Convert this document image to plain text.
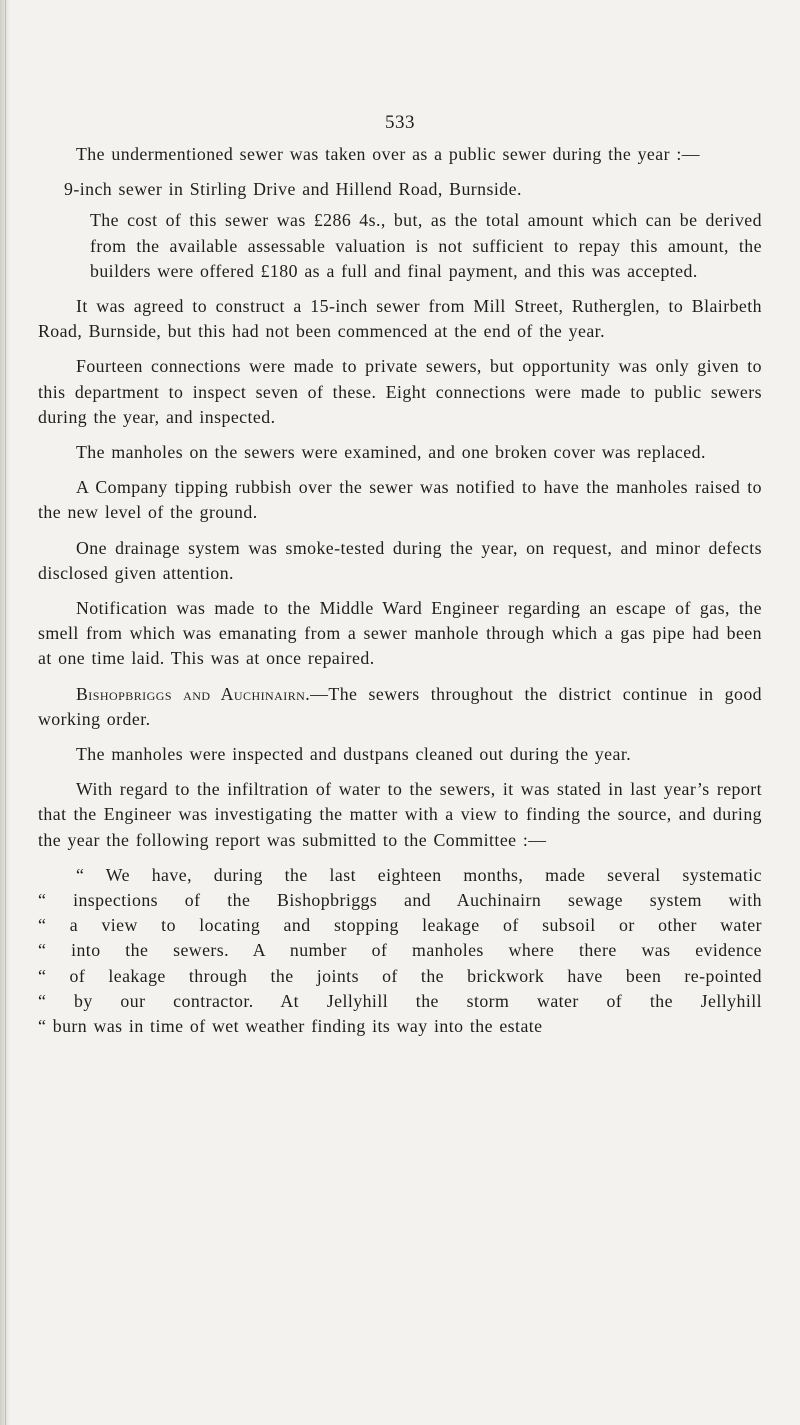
533

The undermentioned sewer was taken over as a public sewer during the year :—

9-inch sewer in Stirling Drive and Hillend Road, Burnside.

The cost of this sewer was £286 4s., but, as the total amount which can be derived from the available assessable valuation is not sufficient to repay this amount, the builders were offered £180 as a full and final payment, and this was accepted.

It was agreed to construct a 15-inch sewer from Mill Street, Rutherglen, to Blairbeth Road, Burnside, but this had not been commenced at the end of the year.

Fourteen connections were made to private sewers, but opportunity was only given to this department to inspect seven of these. Eight connections were made to public sewers during the year, and inspected.

The manholes on the sewers were examined, and one broken cover was replaced.

A Company tipping rubbish over the sewer was notified to have the manholes raised to the new level of the ground.

One drainage system was smoke-tested during the year, on request, and minor defects disclosed given attention.

Notification was made to the Middle Ward Engineer regarding an escape of gas, the smell from which was emanating from a sewer manhole through which a gas pipe had been at one time laid. This was at once repaired.

Bishopbriggs and Auchinairn.—The sewers throughout the district continue in good working order.

The manholes were inspected and dustpans cleaned out during the year.

With regard to the infiltration of water to the sewers, it was stated in last year’s report that the Engineer was investigating the matter with a view to finding the source, and during the year the following report was submitted to the Committee :—

“ We have, during the last eighteen months, made several systematic
“ inspections of the Bishopbriggs and Auchinairn sewage system with
“ a view to locating and stopping leakage of subsoil or other water
“ into the sewers. A number of manholes where there was evidence
“ of leakage through the joints of the brickwork have been re-pointed
“ by our contractor. At Jellyhill the storm water of the Jellyhill
“ burn was in time of wet weather finding its way into the estate
